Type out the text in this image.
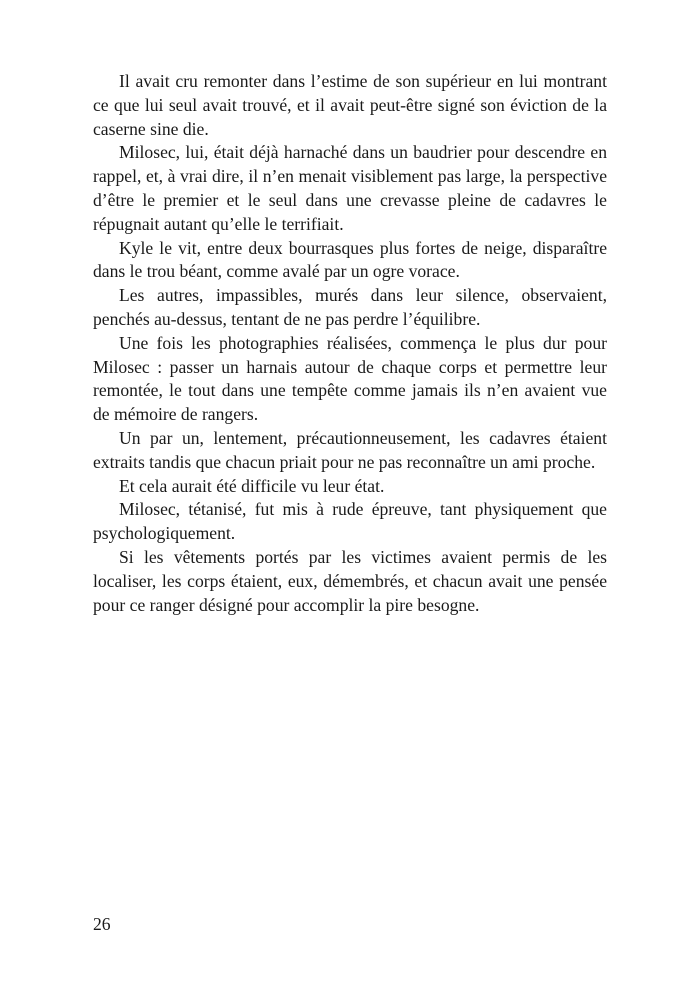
Il avait cru remonter dans l’estime de son supérieur en lui montrant ce que lui seul avait trouvé, et il avait peut-être signé son éviction de la caserne sine die.

Milosec, lui, était déjà harnaché dans un baudrier pour descendre en rappel, et, à vrai dire, il n’en menait visiblement pas large, la perspective d’être le premier et le seul dans une crevasse pleine de cadavres le répugnait autant qu’elle le terrifiait.

Kyle le vit, entre deux bourrasques plus fortes de neige, disparaître dans le trou béant, comme avalé par un ogre vorace.

Les autres, impassibles, murés dans leur silence, observaient, penchés au-dessus, tentant de ne pas perdre l’équilibre.

Une fois les photographies réalisées, commença le plus dur pour Milosec : passer un harnais autour de chaque corps et permettre leur remontée, le tout dans une tempête comme jamais ils n’en avaient vue de mémoire de rangers.

Un par un, lentement, précautionneusement, les cadavres étaient extraits tandis que chacun priait pour ne pas reconnaître un ami proche.

Et cela aurait été difficile vu leur état.

Milosec, tétanisé, fut mis à rude épreuve, tant physiquement que psychologiquement.

Si les vêtements portés par les victimes avaient permis de les localiser, les corps étaient, eux, démembrés, et chacun avait une pensée pour ce ranger désigné pour accomplir la pire besogne.

26
